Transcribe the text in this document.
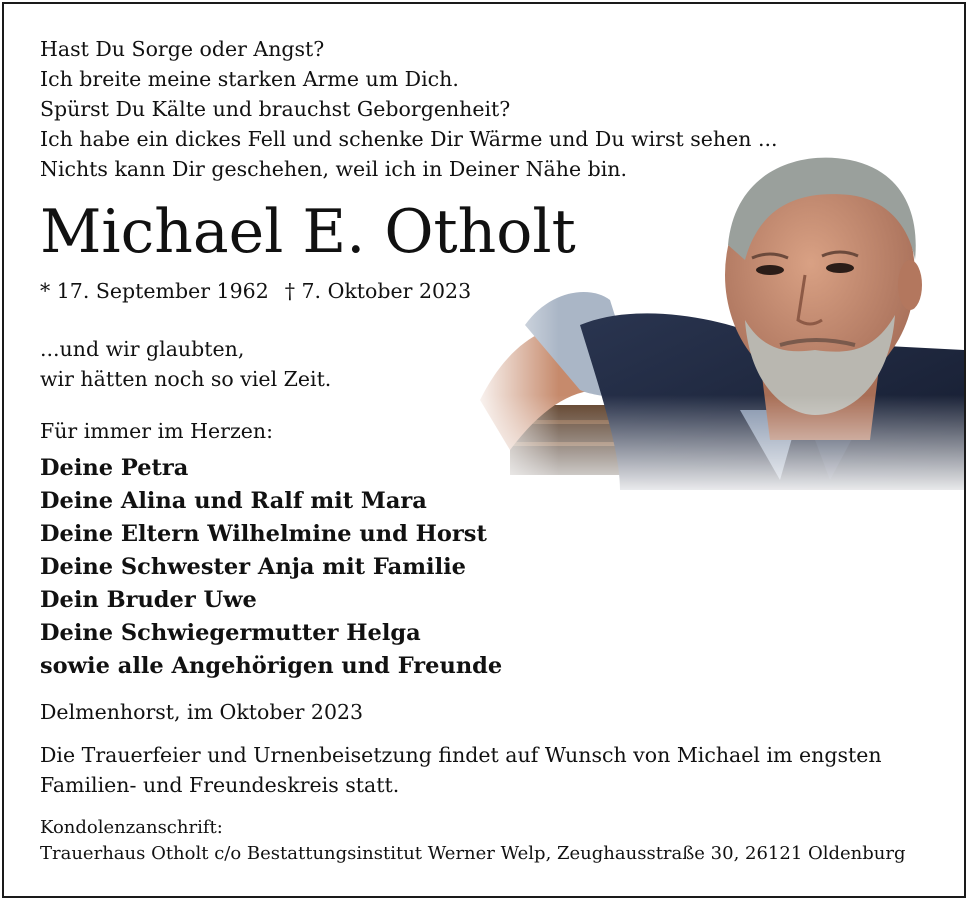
Hast Du Sorge oder Angst?
Ich breite meine starken Arme um Dich.
Spürst Du Kälte und brauchst Geborgenheit?
Ich habe ein dickes Fell und schenke Dir Wärme und Du wirst sehen ...
Nichts kann Dir geschehen, weil ich in Deiner Nähe bin.
Michael E. Otholt
* 17. September 1962 † 7. Oktober 2023
...und wir glaubten,
wir hätten noch so viel Zeit.
Für immer im Herzen:
Deine Petra
Deine Alina und Ralf mit Mara
Deine Eltern Wilhelmine und Horst
Deine Schwester Anja mit Familie
Dein Bruder Uwe
Deine Schwiegermutter Helga
sowie alle Angehörigen und Freunde
Delmenhorst, im Oktober 2023
Die Trauerfeier und Urnenbeisetzung findet auf Wunsch von Michael im engsten
Familien- und Freundeskreis statt.
Kondolenzanschrift:
Trauerhaus Otholt c/o Bestattungsinstitut Werner Welp, Zeughausstraße 30, 26121 Oldenburg
